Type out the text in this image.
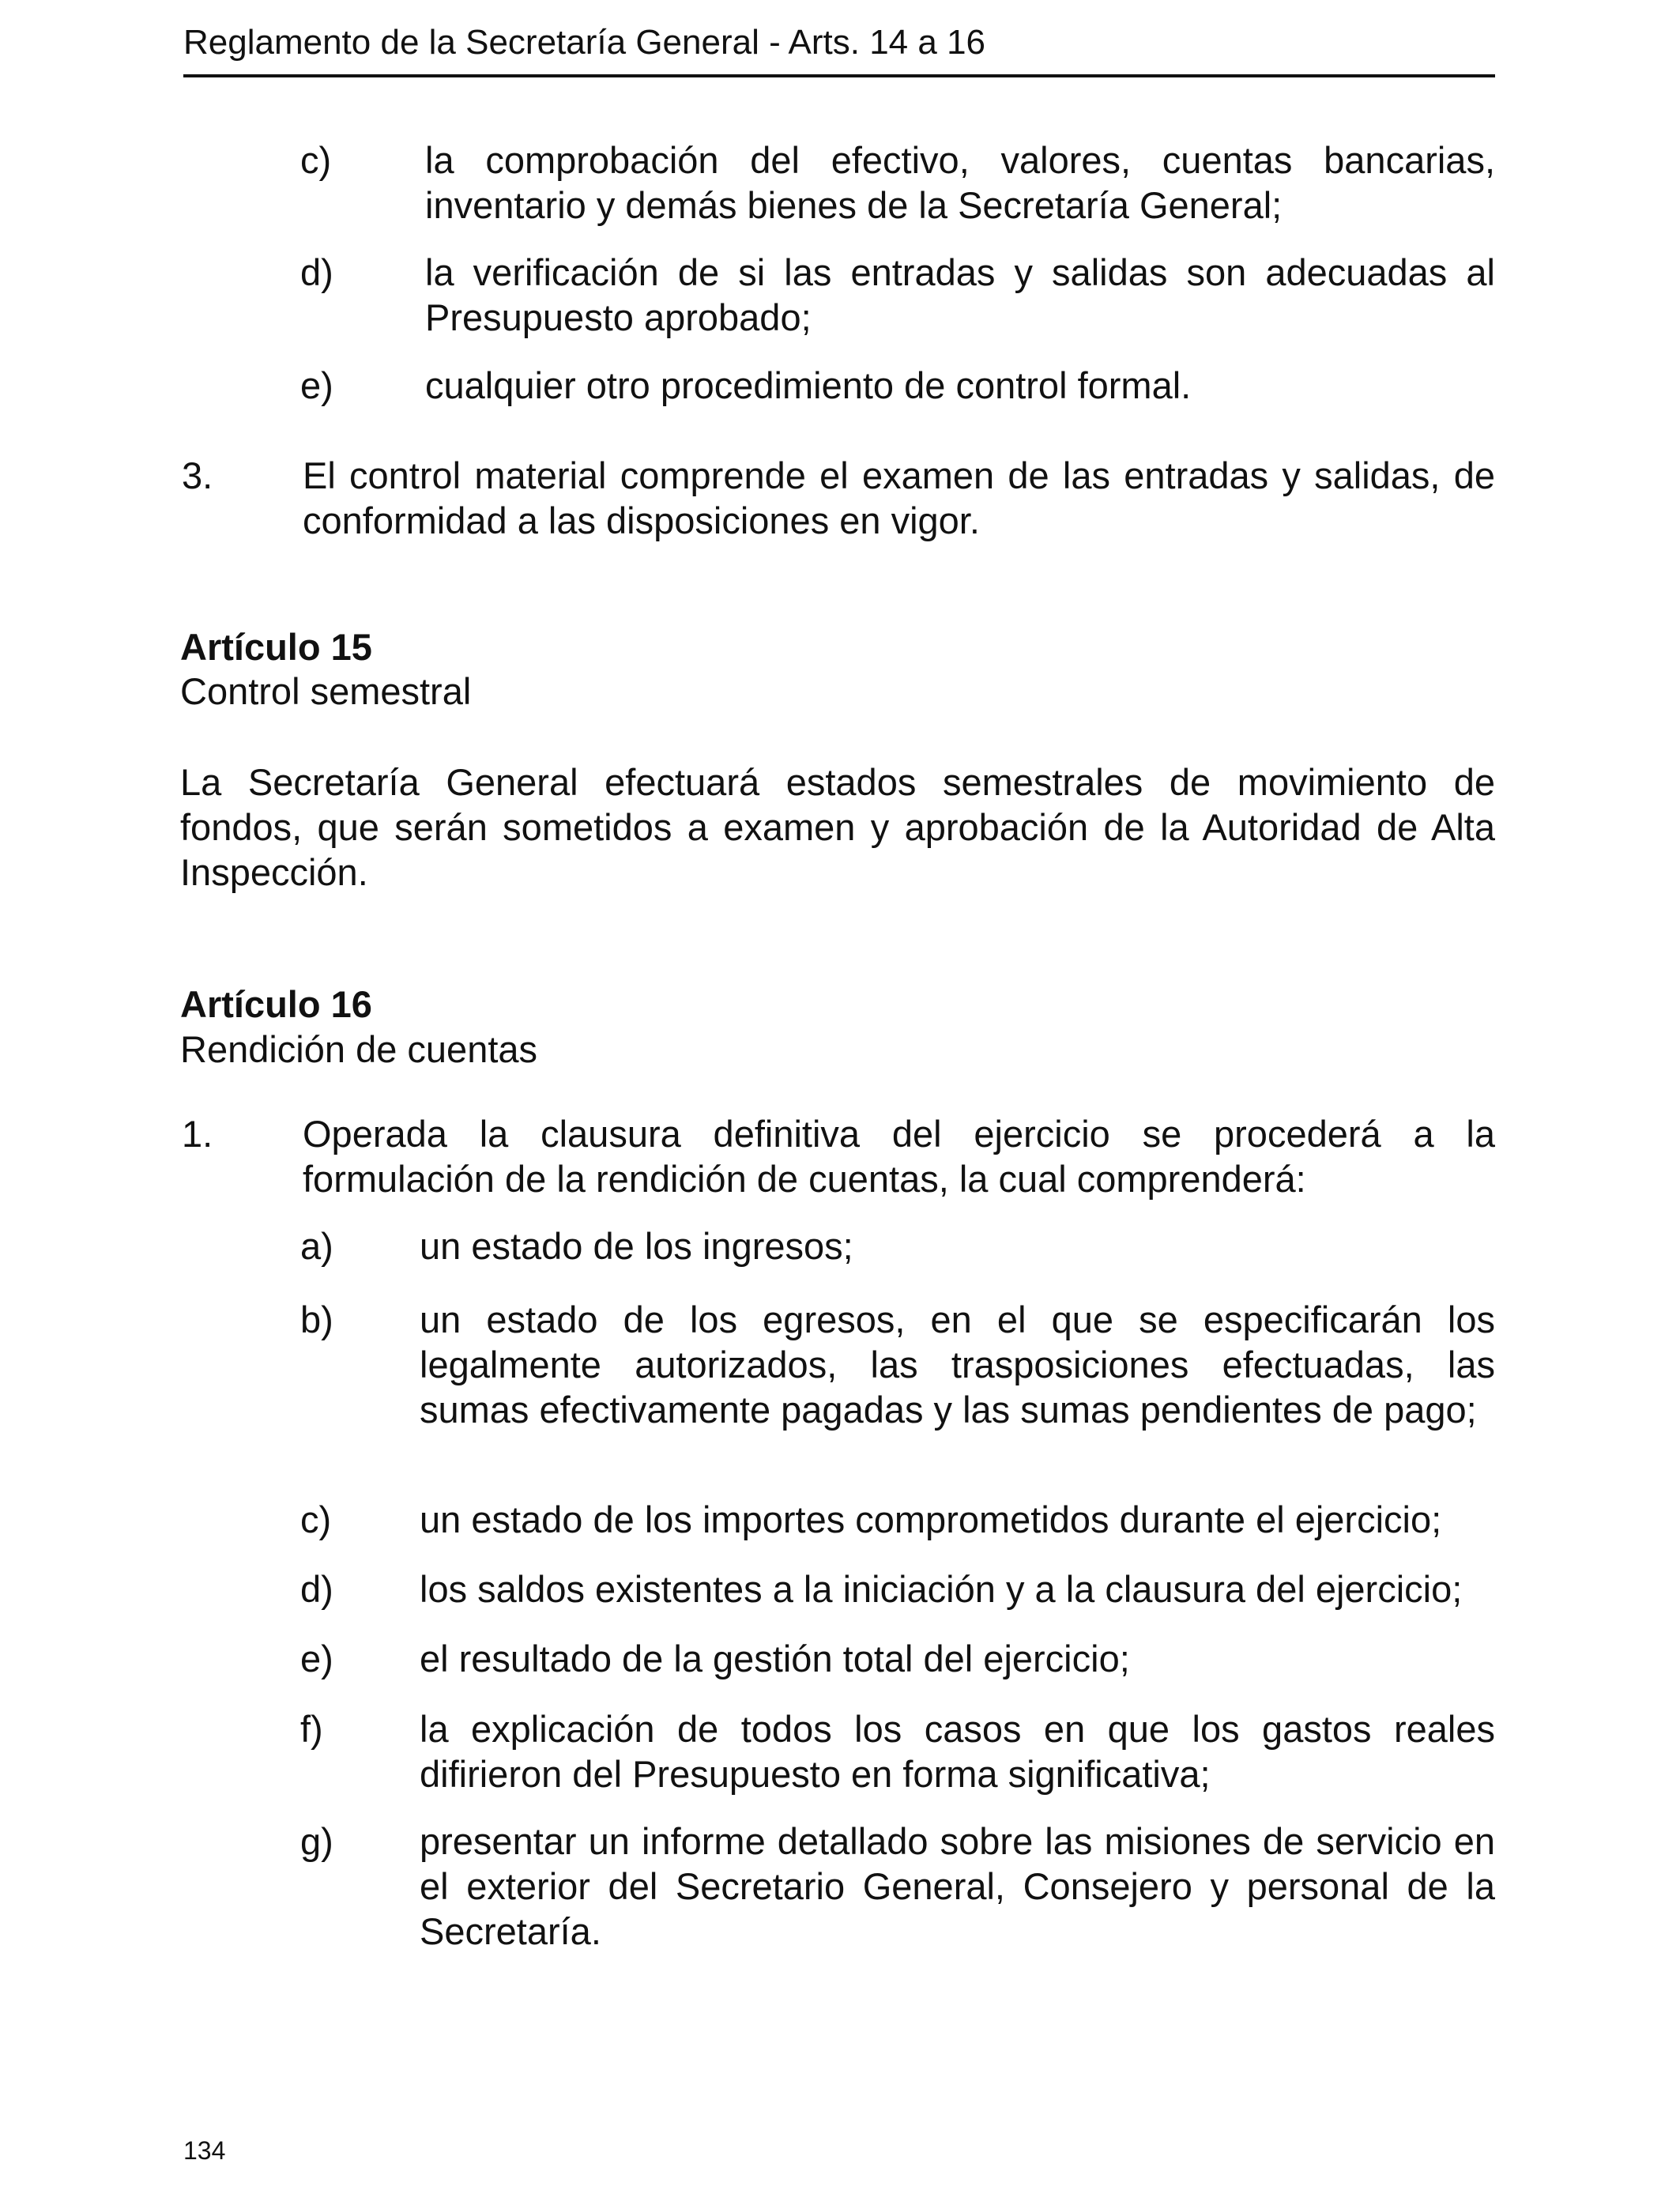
Reglamento de la Secretaría General - Arts. 14 a 16
c)	la comprobación del efectivo, valores, cuentas bancarias, inventario y demás bienes de la Secretaría General;
d) la verificación de si las entradas y salidas son adecuadas al Presupuesto aprobado;
e) cualquier otro procedimiento de control formal.
3. El control material comprende el examen de las entradas y salidas, de conformidad a las disposiciones en vigor.
Artículo 15
Control semestral
La Secretaría General efectuará estados semestrales de movimiento de fondos, que serán sometidos a examen y aprobación de la Autoridad de Alta Inspección.
Artículo 16
Rendición de cuentas
1. Operada la clausura definitiva del ejercicio se procederá a la formulación de la rendición de cuentas, la cual comprenderá:
a) un estado de los ingresos;
b) un estado de los egresos, en el que se especificarán los legalmente autorizados, las trasposiciones efectuadas, las sumas efectivamente pagadas y las sumas pendientes de pago;
c) un estado de los importes comprometidos durante el ejercicio;
d) los saldos existentes a la iniciación y a la clausura del ejercicio;
e) el resultado de la gestión total del ejercicio;
f)	la explicación de todos los casos en que los gastos reales difirieron del Presupuesto en forma significativa;
g) presentar un informe detallado sobre las misiones de servicio en el exterior del Secretario General, Consejero y personal de la Secretaría.
134
